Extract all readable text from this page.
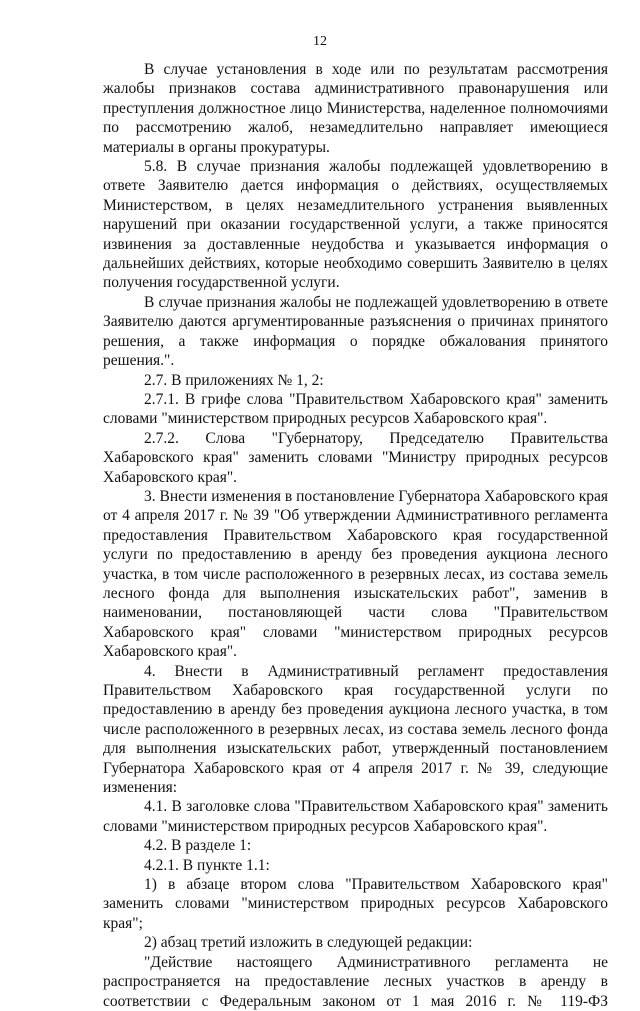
12

В случае установления в ходе или по результатам рассмотрения жалобы признаков состава административного правонарушения или преступления должностное лицо Министерства, наделенное полномочиями по рассмотрению жалоб, незамедлительно направляет имеющиеся материалы в органы прокуратуры.

5.8. В случае признания жалобы подлежащей удовлетворению в ответе Заявителю дается информация о действиях, осуществляемых Министерством, в целях незамедлительного устранения выявленных нарушений при оказании государственной услуги, а также приносятся извинения за доставленные неудобства и указывается информация о дальнейших действиях, которые необходимо совершить Заявителю в целях получения государственной услуги.

В случае признания жалобы не подлежащей удовлетворению в ответе Заявителю даются аргументированные разъяснения о причинах принятого решения, а также информация о порядке обжалования принятого решения.".

2.7. В приложениях № 1, 2:

2.7.1. В грифе слова "Правительством Хабаровского края" заменить словами "министерством природных ресурсов Хабаровского края".

2.7.2. Слова "Губернатору, Председателю Правительства Хабаровского края" заменить словами "Министру природных ресурсов Хабаровского края".

3. Внести изменения в постановление Губернатора Хабаровского края от 4 апреля 2017 г. № 39 "Об утверждении Административного регламента предоставления Правительством Хабаровского края государственной услуги по предоставлению в аренду без проведения аукциона лесного участка, в том числе расположенного в резервных лесах, из состава земель лесного фонда для выполнения изыскательских работ", заменив в наименовании, постановляющей части слова "Правительством Хабаровского края" словами "министерством природных ресурсов Хабаровского края".

4. Внести в Административный регламент предоставления Правительством Хабаровского края государственной услуги по предоставлению в аренду без проведения аукциона лесного участка, в том числе расположенного в резервных лесах, из состава земель лесного фонда для выполнения изыскательских работ, утвержденный постановлением Губернатора Хабаровского края от 4 апреля 2017 г. № 39, следующие изменения:

4.1. В заголовке слова "Правительством Хабаровского края" заменить словами "министерством природных ресурсов Хабаровского края".

4.2. В разделе 1:

4.2.1. В пункте 1.1:

1) в абзаце втором слова "Правительством Хабаровского края" заменить словами "министерством природных ресурсов Хабаровского края";

2) абзац третий изложить в следующей редакции:

"Действие настоящего Административного регламента не распространяется на предоставление лесных участков в аренду в соответствии с Федеральным законом от 1 мая 2016 г. № 119-ФЗ
